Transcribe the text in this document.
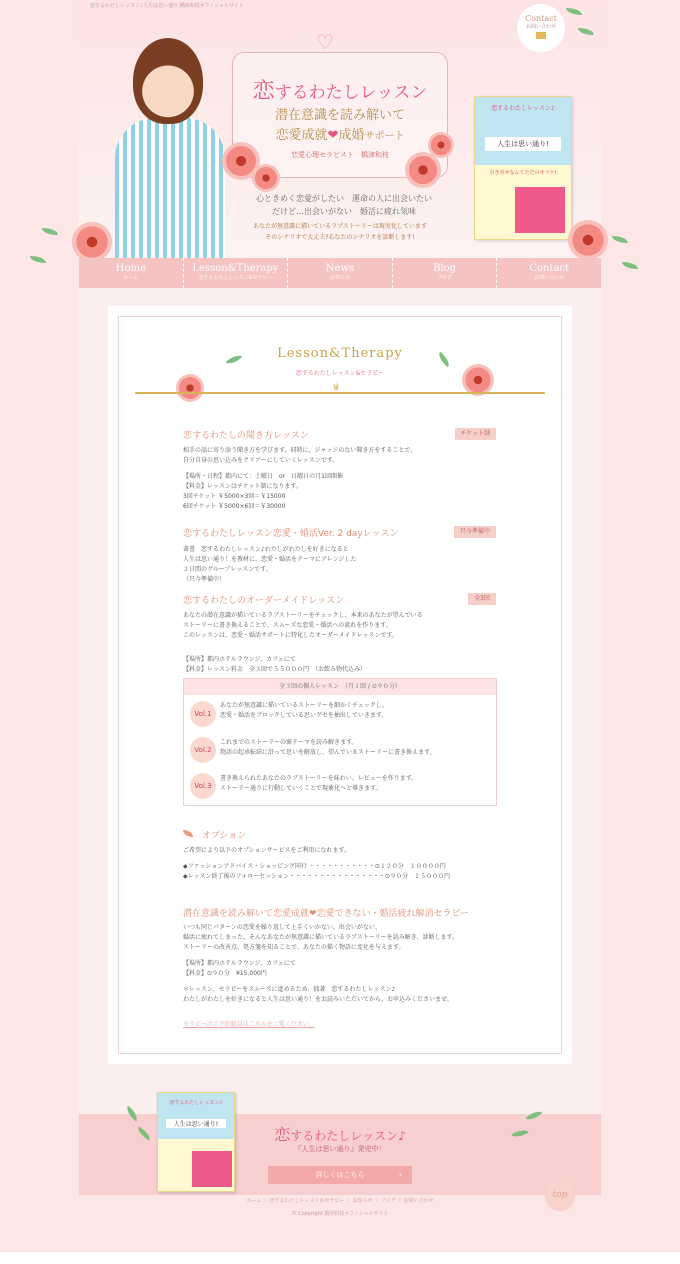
恋するわたしレッスン♪人生は思い通り 橋津和枝オフィシャルサイト
♡
恋するわたしレッスン
潜在意識を読み解いて
恋愛成就❤成婚サポート
恋愛心理セラピスト　 橋津和枝
心ときめく恋愛がしたい　運命の人に出会いたい
だけど…出会いがない　婚活に疲れ気味
あなたが無意識に描いているラブストーリーは現実化しています
そのシナリオで大丈夫?あなたのシナリオを診断します!
恋するわたしレッスン♪
人生は思い通り!
引き寄せなんてただのオマケ!
Contact
お問い合わせ
Home
ホーム
Lesson&Therapy
恋するわたしレッスン&セラピー
News
お知らせ
Blog
ブログ
Contact
お問い合わせ
Lesson&Therapy
恋するわたしレッスン&セラピー
♛
恋するわたしの聞き方レッスン	チケット制
相手の話に寄り添う聞き方を学びます。同時に、ジャッジのない聞き方をすることで、
自分自身の思い込みをクリアーにしていくレッスンです。
【場所・日程】都内にて：土曜日　or　日曜日の月1回開催
【料金】レッスンはチケット制になります。
3回チケット ￥5000×3回＝￥15000
6回チケット ￥5000×6回＝￥30000
恋するわたしレッスン恋愛・婚活Ver. 2 dayレッスン	只今準備中
著書　恋するわたしレッスン♪わたしがわたしを好きになると
人生は思い通り！を教材に、恋愛・婚活をテーマにアレンジした
２日間のグループレッスンです。
（只今準備中）
恋するわたしのオーダーメイドレッスン	全3回
あなたの潜在意識が描いているラブストーリーをチェックし、本来のあなたが望んでいる
ストーリーに書き換えることで、スムーズな恋愛・婚活への流れを作ります。
このレッスンは、恋愛・婚活サポートに特化したオーダーメイドレッスンです。
【場所】都内ホテルラウンジ、カフェにて
【料金】レッスン料金　全３回で５５０００円　（お飲み物代込み）
全３回の個人レッスン　（月１回 / ⊙９０分）
Vol.1
あなたが無意識に描いているストーリーを細かくチェックし、
恋愛・婚活をブロックしている思いグセを抽出していきます。
Vol.2
これまでのストーリーの裏テーマを読み解きます。
物語の起承転結に沿って思いを解放し、望んでいるストーリーに書き換えます。
Vol.3
書き換えられたあなたのラブストーリーを味わい、レビューを作ります。
ストーリー通りに行動していくことで現象化へと導きます。
オプション
ご希望により以下のオプションサービスをご利用になれます。
◆ファッションアドバイス・ショッピング同行 ・・・・・・・・・・・⊙１２０分　１００００円
◆レッスン終了後のフォローセッション・・・・・・・・・・・・・・・・⊙９０分　１５０００円
潜在意識を読み解いて恋愛成就❤恋愛できない・婚活疲れ解消セラピー
いつも同じパターンの恋愛を繰り返して上手くいかない、出会いがない、
婚活に疲れてしまった、そんなあなたが無意識に描いているラブストーリーを読み解き、診断します。
ストーリーの改善点、処方箋を知ることで、あなたの描く物語に変化を与えます。
【場所】都内ホテルラウンジ、カフェにて
【料金】⊙９０分　¥15,000円
＊レッスン、セラピーをスムーズに進めるため、拙著　恋するわたしレッスン♪
わたしがわたしを好きになると人生は思い通り！をお読みいただいてから、お申込みくださいませ。
セラピーのご予約総員はこちらをご覧ください。
恋するわたしレッスン♪
人生は思い通り!
恋するわたしレッスン♪
『人生は思い通り』発売中！
詳しくはこちら	›
ホーム ｜ 恋するわたしレッスン＆セラピー ｜ お知らせ ｜ ブログ ｜ お問い合わせ
© Copyright 橋津和枝オフィシャルサイト
top
